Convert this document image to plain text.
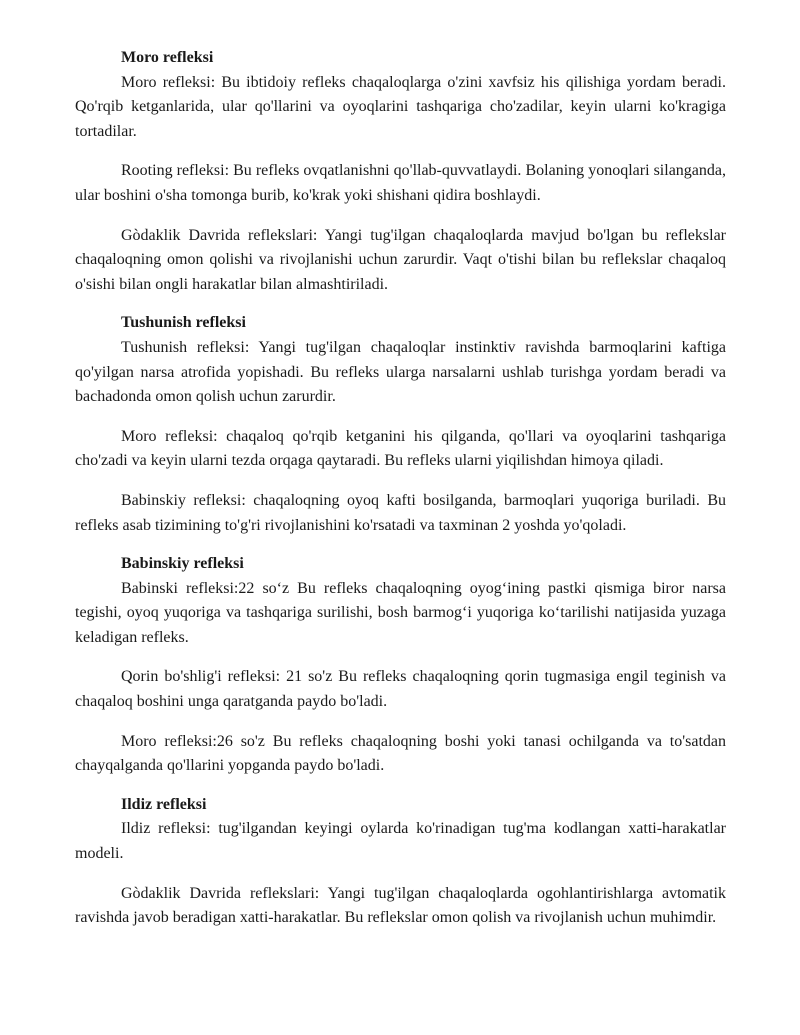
Moro refleksi

Moro refleksi: Bu ibtidoiy refleks chaqaloqlarga o'zini xavfsiz his qilishiga yordam beradi. Qo'rqib ketganlarida, ular qo'llarini va oyoqlarini tashqariga cho'zadilar, keyin ularni ko'kragiga tortadilar.

Rooting refleksi: Bu refleks ovqatlanishni qo'llab-quvvatlaydi. Bolaning yonoqlari silanganda, ular boshini o'sha tomonga burib, ko'krak yoki shishani qidira boshlaydi.

Gòdaklik Davrida reflekslari: Yangi tug'ilgan chaqaloqlarda mavjud bo'lgan bu reflekslar chaqaloqning omon qolishi va rivojlanishi uchun zarurdir. Vaqt o'tishi bilan bu reflekslar chaqaloq o'sishi bilan ongli harakatlar bilan almashtiriladi.

Tushunish refleksi

Tushunish refleksi: Yangi tug'ilgan chaqaloqlar instinktiv ravishda barmoqlarini kaftiga qo'yilgan narsa atrofida yopishadi. Bu refleks ularga narsalarni ushlab turishga yordam beradi va bachadonda omon qolish uchun zarurdir.

Moro refleksi: chaqaloq qo'rqib ketganini his qilganda, qo'llari va oyoqlarini tashqariga cho'zadi va keyin ularni tezda orqaga qaytaradi. Bu refleks ularni yiqilishdan himoya qiladi.

Babinskiy refleksi: chaqaloqning oyoq kafti bosilganda, barmoqlari yuqoriga buriladi. Bu refleks asab tizimining to'g'ri rivojlanishini ko'rsatadi va taxminan 2 yoshda yo'qoladi.

Babinskiy refleksi

Babinski refleksi:22 so‘z Bu refleks chaqaloqning oyog‘ining pastki qismiga biror narsa tegishi, oyoq yuqoriga va tashqariga surilishi, bosh barmog‘i yuqoriga ko‘tarilishi natijasida yuzaga keladigan refleks.

Qorin bo'shlig'i refleksi: 21 so'z Bu refleks chaqaloqning qorin tugmasiga engil teginish va chaqaloq boshini unga qaratganda paydo bo'ladi.

Moro refleksi:26 so'z Bu refleks chaqaloqning boshi yoki tanasi ochilganda va to'satdan chayqalganda qo'llarini yopganda paydo bo'ladi.

Ildiz refleksi

Ildiz refleksi: tug'ilgandan keyingi oylarda ko'rinadigan tug'ma kodlangan xatti-harakatlar modeli.

Gòdaklik Davrida reflekslari: Yangi tug'ilgan chaqaloqlarda ogohlantirishlarga avtomatik ravishda javob beradigan xatti-harakatlar. Bu reflekslar omon qolish va rivojlanish uchun muhimdir.
